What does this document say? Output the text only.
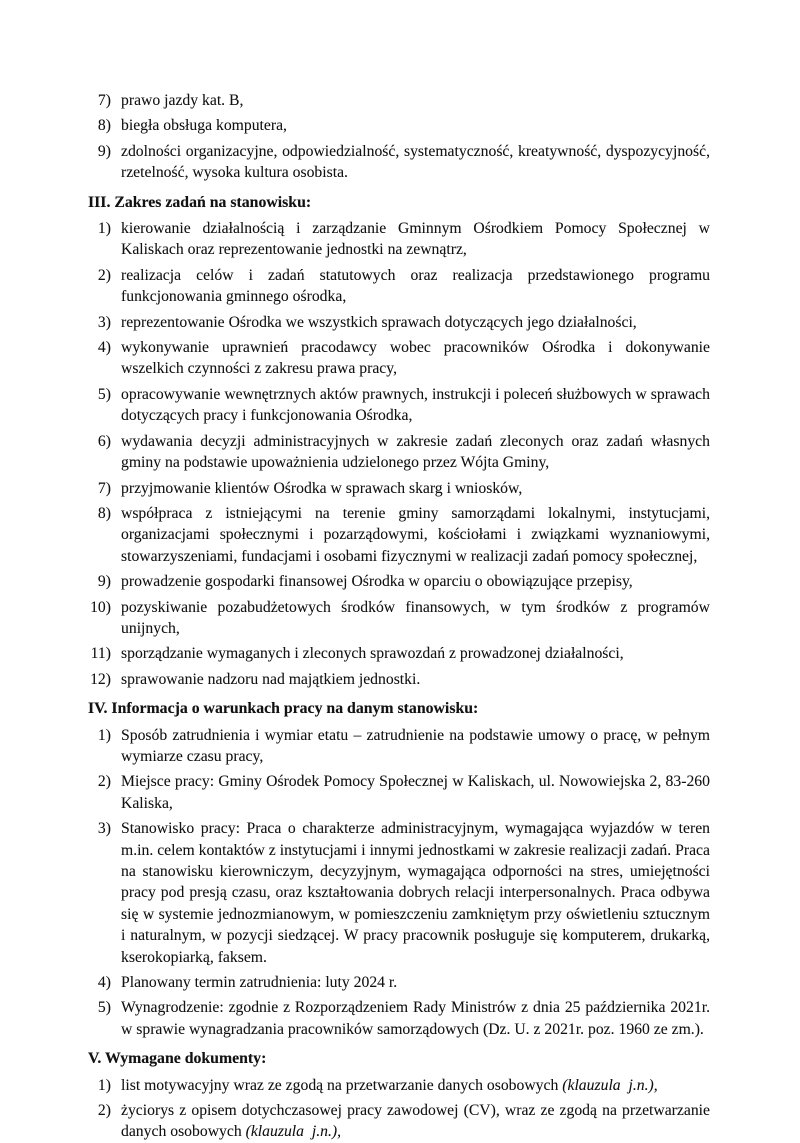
7) prawo jazdy kat. B,

8) biegła obsługa komputera,

9) zdolności organizacyjne, odpowiedzialność, systematyczność, kreatywność, dyspozycyjność, rzetelność, wysoka kultura osobista.

III. Zakres zadań na stanowisku:

1) kierowanie działalnością i zarządzanie Gminnym Ośrodkiem Pomocy Społecznej w Kaliskach oraz reprezentowanie jednostki na zewnątrz,

2) realizacja celów i zadań statutowych oraz realizacja przedstawionego programu funkcjonowania gminnego ośrodka,

3) reprezentowanie Ośrodka we wszystkich sprawach dotyczących jego działalności,

4) wykonywanie uprawnień pracodawcy wobec pracowników Ośrodka i dokonywanie wszelkich czynności z zakresu prawa pracy,

5) opracowywanie wewnętrznych aktów prawnych, instrukcji i poleceń służbowych w sprawach dotyczących pracy i funkcjonowania Ośrodka,

6) wydawania decyzji administracyjnych w zakresie zadań zleconych oraz zadań własnych gminy na podstawie upoważnienia udzielonego przez Wójta Gminy,

7) przyjmowanie klientów Ośrodka w sprawach skarg i wniosków,

8) współpraca z istniejącymi na terenie gminy samorządami lokalnymi, instytucjami, organizacjami społecznymi i pozarządowymi, kościołami i związkami wyznaniowymi, stowarzyszeniami, fundacjami i osobami fizycznymi w realizacji zadań pomocy społecznej,

9) prowadzenie gospodarki finansowej Ośrodka w oparciu o obowiązujące przepisy,

10) pozyskiwanie pozabudżetowych środków finansowych, w tym środków z programów unijnych,

11) sporządzanie wymaganych i zleconych sprawozdań z prowadzonej działalności,

12) sprawowanie nadzoru nad majątkiem jednostki.

IV. Informacja o warunkach pracy na danym stanowisku:

1) Sposób zatrudnienia i wymiar etatu – zatrudnienie na podstawie umowy o pracę, w pełnym wymiarze czasu pracy,

2) Miejsce pracy: Gminy Ośrodek Pomocy Społecznej w Kaliskach, ul. Nowowiejska 2, 83-260 Kaliska,

3) Stanowisko pracy: Praca o charakterze administracyjnym, wymagająca wyjazdów w teren m.in. celem kontaktów z instytucjami i innymi jednostkami w zakresie realizacji zadań. Praca na stanowisku kierowniczym, decyzyjnym, wymagająca odporności na stres, umiejętności pracy pod presją czasu, oraz kształtowania dobrych relacji interpersonalnych. Praca odbywa się w systemie jednozmianowym, w pomieszczeniu zamkniętym przy oświetleniu sztucznym i naturalnym, w pozycji siedzącej. W pracy pracownik posługuje się komputerem, drukarką, kserokopiarką, faksem.

4) Planowany termin zatrudnienia: luty 2024 r.

5) Wynagrodzenie: zgodnie z Rozporządzeniem Rady Ministrów z dnia 25 października 2021r. w sprawie wynagradzania pracowników samorządowych (Dz. U. z 2021r. poz. 1960 ze zm.).

V. Wymagane dokumenty:

1) list motywacyjny wraz ze zgodą na przetwarzanie danych osobowych (klauzula j.n.),

2) życiorys z opisem dotychczasowej pracy zawodowej (CV), wraz ze zgodą na przetwarzanie danych osobowych (klauzula j.n.),
